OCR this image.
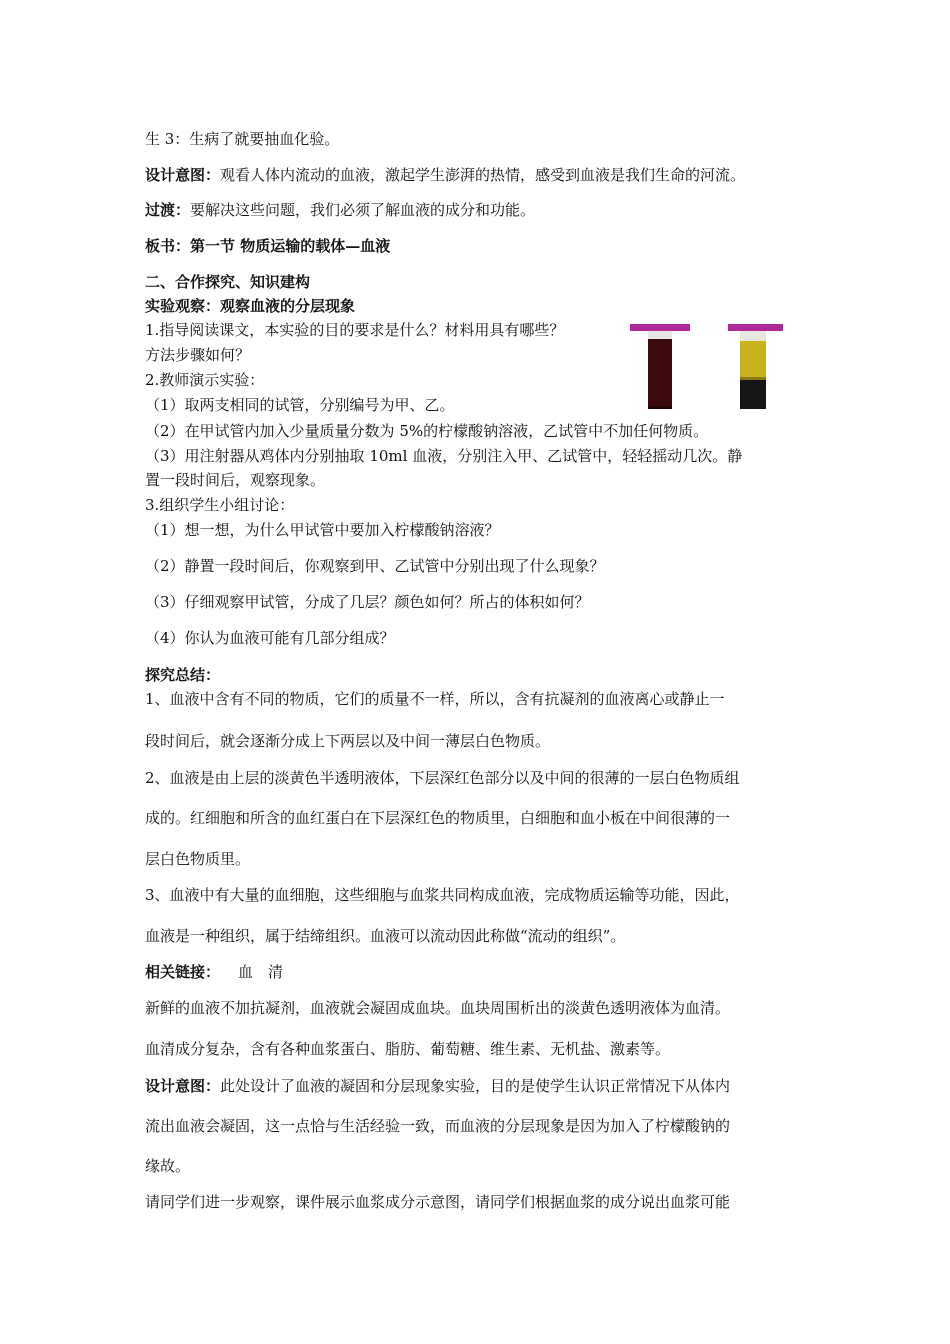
生 3：生病了就要抽血化验。
设计意图：观看人体内流动的血液，激起学生澎湃的热情，感受到血液是我们生命的河流。
过渡：要解决这些问题，我们必须了解血液的成分和功能。
板书：第一节 物质运输的载体—血液
二、合作探究、知识建构
实验观察：观察血液的分层现象
1.指导阅读课文，本实验的目的要求是什么？材料用具有哪些？
方法步骤如何？
2.教师演示实验：
（1）取两支相同的试管，分别编号为甲、乙。
（2）在甲试管内加入少量质量分数为 5%的柠檬酸钠溶液，乙试管中不加任何物质。
（3）用注射器从鸡体内分别抽取 10ml 血液，分别注入甲、乙试管中，轻轻摇动几次。静
置一段时间后，观察现象。
3.组织学生小组讨论：
（1）想一想，为什么甲试管中要加入柠檬酸钠溶液？
（2）静置一段时间后，你观察到甲、乙试管中分别出现了什么现象？
（3）仔细观察甲试管，分成了几层？颜色如何？所占的体积如何？
（4）你认为血液可能有几部分组成？
探究总结：
1、血液中含有不同的物质，它们的质量不一样，所以，含有抗凝剂的血液离心或静止一
段时间后，就会逐渐分成上下两层以及中间一薄层白色物质。
2、血液是由上层的淡黄色半透明液体，下层深红色部分以及中间的很薄的一层白色物质组
成的。红细胞和所含的血红蛋白在下层深红色的物质里，白细胞和血小板在中间很薄的一
层白色物质里。
3、血液中有大量的血细胞，这些细胞与血浆共同构成血液，完成物质运输等功能，因此，
血液是一种组织，属于结缔组织。血液可以流动因此称做“流动的组织”。
相关链接： 血　清
新鲜的血液不加抗凝剂，血液就会凝固成血块。血块周围析出的淡黄色透明液体为血清。
血清成分复杂，含有各种血浆蛋白、脂肪、葡萄糖、维生素、无机盐、激素等。
设计意图：此处设计了血液的凝固和分层现象实验，目的是使学生认识正常情况下从体内
流出血液会凝固，这一点恰与生活经验一致，而血液的分层现象是因为加入了柠檬酸钠的
缘故。
请同学们进一步观察，课件展示血浆成分示意图，请同学们根据血浆的成分说出血浆可能
